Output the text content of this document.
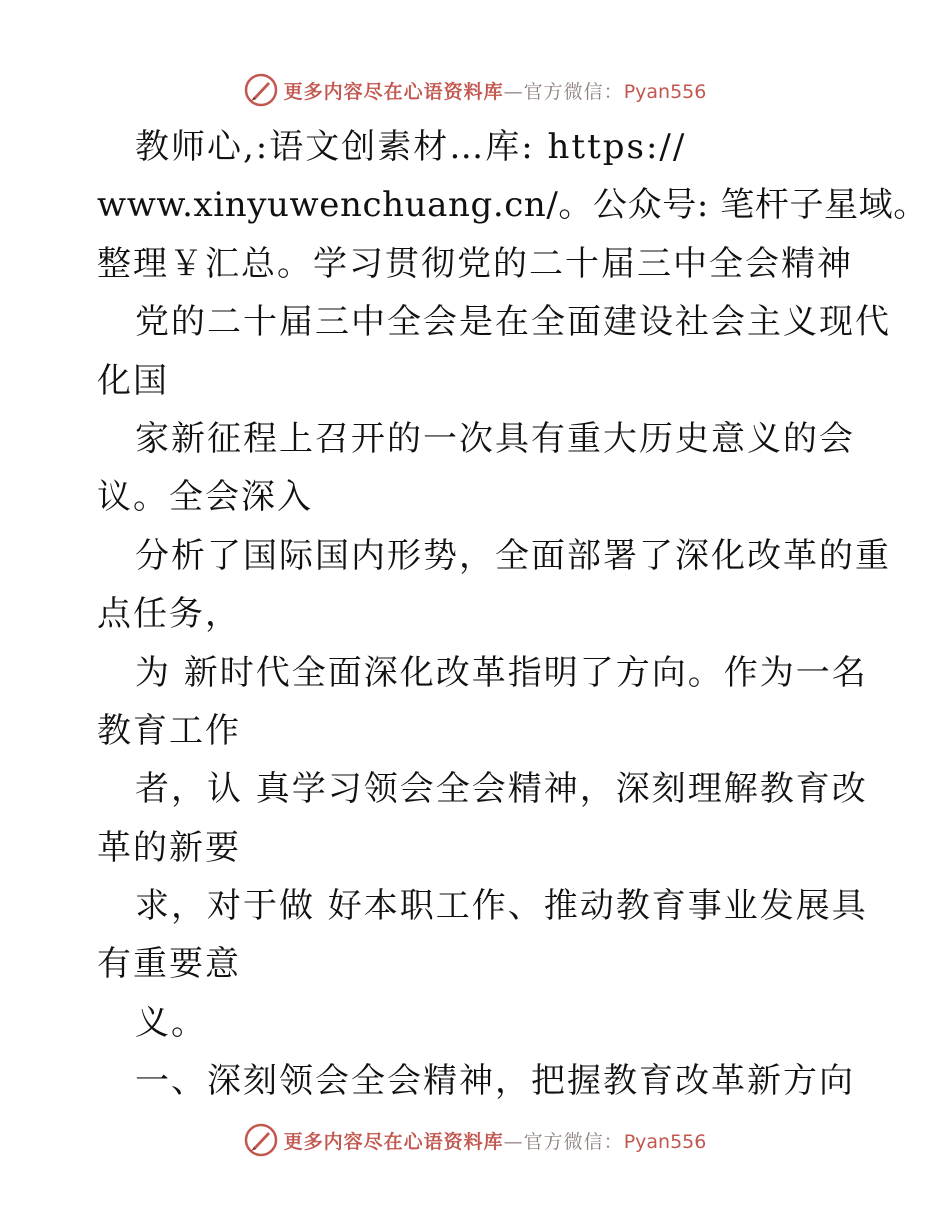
更多内容尽在心语资料库—官方微信：Pyan556
教师心,:语文创素材…库: https://
www.xinyuwenchuang.cn/。公众号: 笔杆子星域。
整理￥汇总。学习贯彻党的二十届三中全会精神
党的二十届三中全会是在全面建设社会主义现代
化国
家新征程上召开的一次具有重大历史意义的会
议。全会深入
分析了国际国内形势，全面部署了深化改革的重
点任务，
为 新时代全面深化改革指明了方向。作为一名
教育工作
者，认 真学习领会全会精神，深刻理解教育改
革的新要
求，对于做 好本职工作、推动教育事业发展具
有重要意
义。
一、深刻领会全会精神，把握教育改革新方向
更多内容尽在心语资料库—官方微信：Pyan556
